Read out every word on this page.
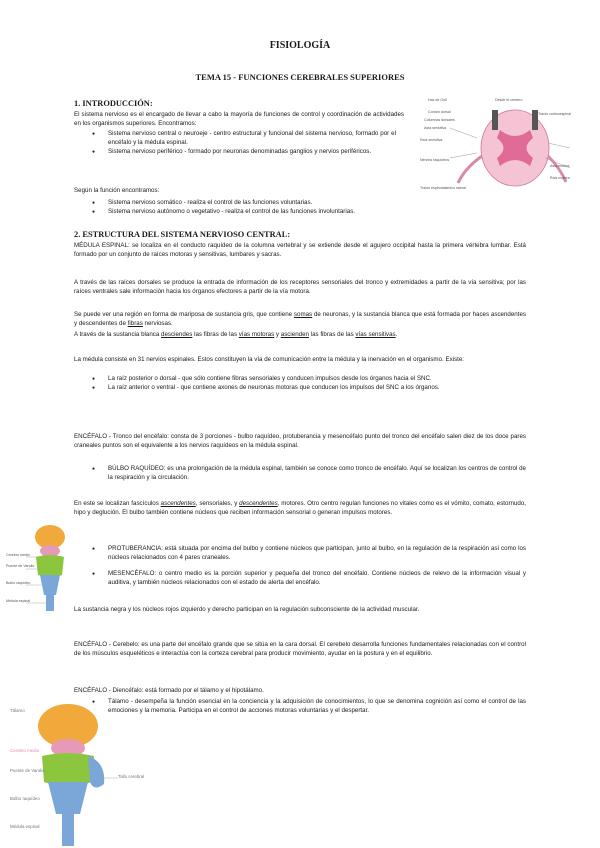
FISIOLOGÍA
TEMA 15 - FUNCIONES CEREBRALES SUPERIORES
1. INTRODUCCIÓN:
El sistema nervioso es el encargado de llevar a cabo la mayoría de funciones de control y coordinación de actividades en los organismos superiores. Encontramos:
● Sistema nervioso central o neuroeje - centro estructural y funcional del sistema nervioso, formado por el encéfalo y la médula espinal.
● Sistema nervioso periférico - formado por neuronas denominadas ganglios y nervios periféricos.
Según la función encontramos:
● Sistema nervioso somático - realiza el control de las funciones voluntarias.
● Sistema nervioso autónomo o vegetativo - realiza el control de las funciones involuntarias.
Haz de Goll	Desde el cerebro
Cordón dorsal
Columnas dorsales
Asta sensitiva
Raíz sensitiva
Nervios raquídeos
Tracto corticoespinal
Asta motora
Raíz motora
Tracto espinotalámico lateral
2. ESTRUCTURA DEL SISTEMA NERVIOSO CENTRAL:
MÉDULA ESPINAL: se localiza en el conducto raquídeo de la columna vertebral y se extiende desde el agujero occipital hasta la primera vértebra lumbar. Está formado por un conjunto de raíces motoras y sensitivas, lumbares y sacras.
A través de las raíces dorsales se produce la entrada de información de los receptores sensoriales del tronco y extremidades a partir de la vía sensitiva; por las raíces ventrales sale información hacia los órganos efectores a partir de la vía motora.
Se puede ver una región en forma de mariposa de sustancia gris, que contiene somas de neuronas, y la sustancia blanca que está formada por haces ascendentes y descendentes de fibras nerviosas.
A través de la sustancia blanca desciendes las fibras de las vías motoras y ascienden las fibras de las vías sensitivas.
La médula consiste en 31 nervios espinales. Estos constituyen la vía de comunicación entre la médula y la inervación en el organismo. Existe:
● La raíz posterior o dorsal - que sólo contiene fibras sensoriales y conducen impulsos desde los órganos hacia el SNC.
● La raíz anterior o ventral - que contiene axones de neuronas motoras que conducen los impulsos del SNC a los órganos.
ENCÉFALO - Tronco del encéfalo: consta de 3 porciones - bulbo raquídeo, protuberancia y mesencéfalo punto del tronco del encéfalo salen diez de los doce pares craneales puntos son el equivalente a los nervios raquídeos en la médula espinal.
● BÚLBO RAQUÍDEO: es una prolongación de la médula espinal, también se conoce como tronco de encéfalo. Aquí se localizan los centros de control de la respiración y la circulación.
En este se localizan fascículos ascendentes, sensoriales, y descendentes, motores. Otro centro regulan funciones no vitales como es el vómito, comato, estornudo, hipo y deglución. El bulbo también contiene núcleos que reciben información sensorial o generan impulsos motores.
Cerebro medio
Puente de Varolio
Bulbo raquídeo
Médula espinal
● PROTUBERANCIA: está situada por encima del bulbo y contiene núcleos que participan, junto al bulbo, en la regulación de la respiración así como los núcleos relacionados con 4 pares craneales.
● MESENCÉFALO: o centro medio es la porción superior y pequeña del tronco del encéfalo. Contiene núcleos de relevo de la información visual y auditiva, y también núcleos relacionados con el estado de alerta del encéfalo.
La sustancia negra y los núcleos rojos izquierdo y derecho participan en la regulación subconsciente de la actividad muscular.
ENCÉFALO - Cerebelo: es una parte del encéfalo grande que se sitúa en la cara dorsal. El cerebelo desarrolla funciones fundamentales relacionadas con el control de los músculos esqueléticos e interactúa con la corteza cerebral para producir movimiento, ayudar en la postura y en el equilibrio.
ENCÉFALO - Diencéfalo: está formado por el tálamo y el hipotálamo.
● Tálamo - desempeña la función esencial en la conciencia y la adquisición de conocimientos, lo que se denomina cognición así como el control de las emociones y la memoria. Participa en el control de acciones motoras voluntarias y el despertar.
Tálamo
Cerebro medio
Puente de Varolio
Tallo cerebral
Bulbo raquídeo
Médula espinal
